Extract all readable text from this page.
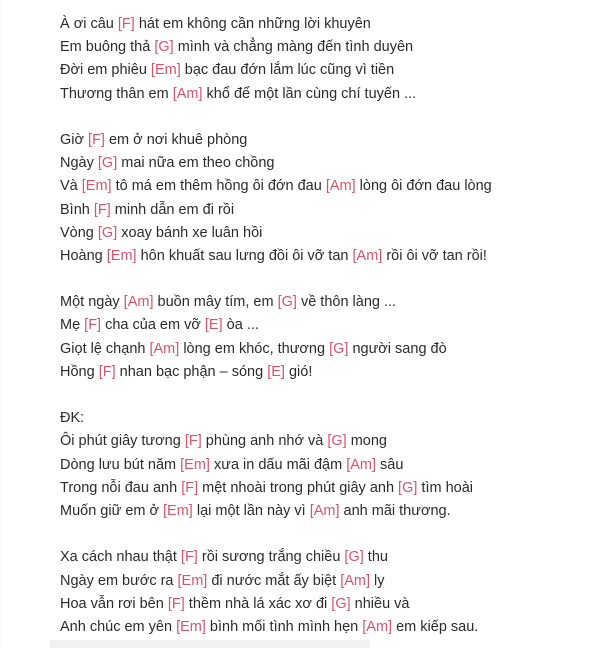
À ơi câu [F] hát em không cần những lời khuyên
Em buông thả [G] mình và chẳng màng đến tình duyên
Đời em phiêu [Em] bạc đau đớn lắm lúc cũng vì tiền
Thương thân em [Am] khổ để một lần cùng chí tuyến ...
Giờ [F] em ở nơi khuê phòng
Ngày [G] mai nữa em theo chồng
Và [Em] tô má em thêm hồng ôi đớn đau [Am] lòng ôi đớn đau lòng
Bình [F] minh dẫn em đi rồi
Vòng [G] xoay bánh xe luân hồi
Hoàng [Em] hôn khuất sau lưng đồi ôi vỡ tan [Am] rồi ôi vỡ tan rồi!
Một ngày [Am] buồn mây tím, em [G] về thôn làng ...
Mẹ [F] cha của em vỡ [E] òa ...
Giọt lệ chạnh [Am] lòng em khóc, thương [G] người sang đò
Hồng [F] nhan bạc phận – sóng [E] gió!
ĐK:
Ôi phút giây tương [F] phùng anh nhớ và [G] mong
Dòng lưu bút năm [Em] xưa in dấu mãi đậm [Am] sâu
Trong nỗi đau anh [F] mệt nhoài trong phút giây anh [G] tìm hoài
Muốn giữ em ở [Em] lại một lần này vì [Am] anh mãi thương.
Xa cách nhau thật [F] rồi sương trắng chiều [G] thu
Ngày em bước ra [Em] đi nước mắt ấy biệt [Am] ly
Hoa vẫn rơi bên [F] thềm nhà lá xác xơ đi [G] nhiều và
Anh chúc em yên [Em] bình mối tình mình hẹn [Am] em kiếp sau.
